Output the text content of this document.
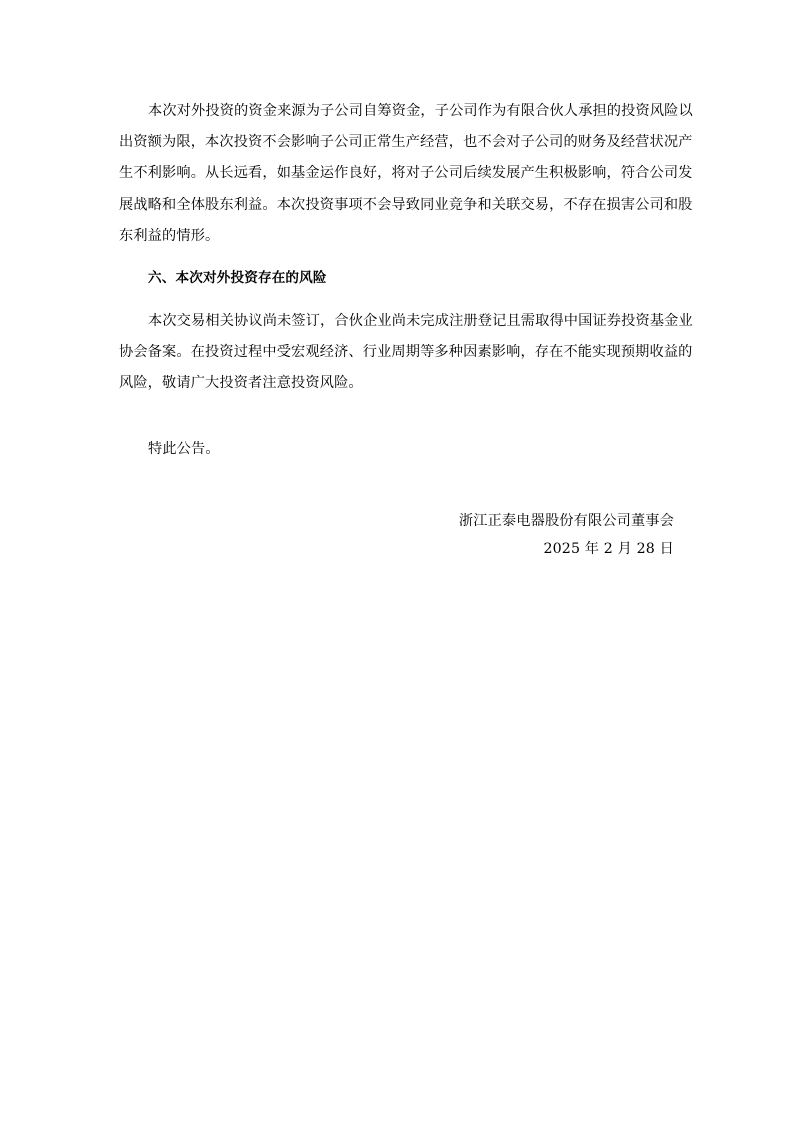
本次对外投资的资金来源为子公司自筹资金，子公司作为有限合伙人承担的投资风险以

出资额为限，本次投资不会影响子公司正常生产经营，也不会对子公司的财务及经营状况产

生不利影响。从长远看，如基金运作良好，将对子公司后续发展产生积极影响，符合公司发

展战略和全体股东利益。本次投资事项不会导致同业竞争和关联交易，不存在损害公司和股

东利益的情形。

六、本次对外投资存在的风险

本次交易相关协议尚未签订，合伙企业尚未完成注册登记且需取得中国证券投资基金业

协会备案。在投资过程中受宏观经济、行业周期等多种因素影响，存在不能实现预期收益的

风险，敬请广大投资者注意投资风险。

特此公告。

浙江正泰电器股份有限公司董事会

2025 年 2 月 28 日
